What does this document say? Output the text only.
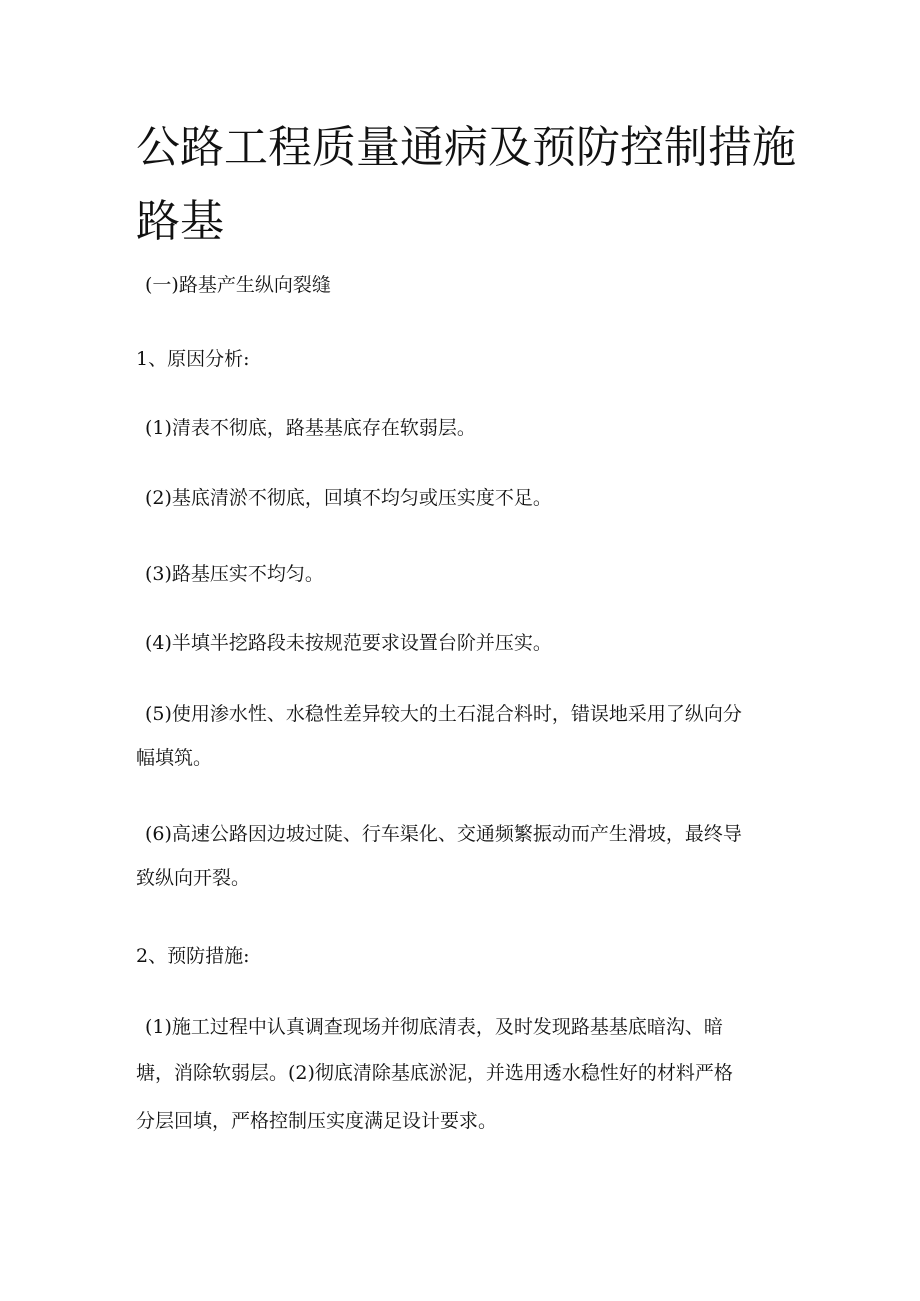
公路工程质量通病及预防控制措施
路基

(一)路基产生纵向裂缝

1、原因分析:

(1)清表不彻底，路基基底存在软弱层。

(2)基底清淤不彻底，回填不均匀或压实度不足。

(3)路基压实不均匀。

(4)半填半挖路段未按规范要求设置台阶并压实。

(5)使用渗水性、水稳性差异较大的土石混合料时，错误地采用了纵向分

幅填筑。

(6)高速公路因边坡过陡、行车渠化、交通频繁振动而产生滑坡，最终导

致纵向开裂。

2、预防措施:

(1)施工过程中认真调查现场并彻底清表，及时发现路基基底暗沟、暗

塘，消除软弱层。(2)彻底清除基底淤泥，并选用透水稳性好的材料严格

分层回填，严格控制压实度满足设计要求。
